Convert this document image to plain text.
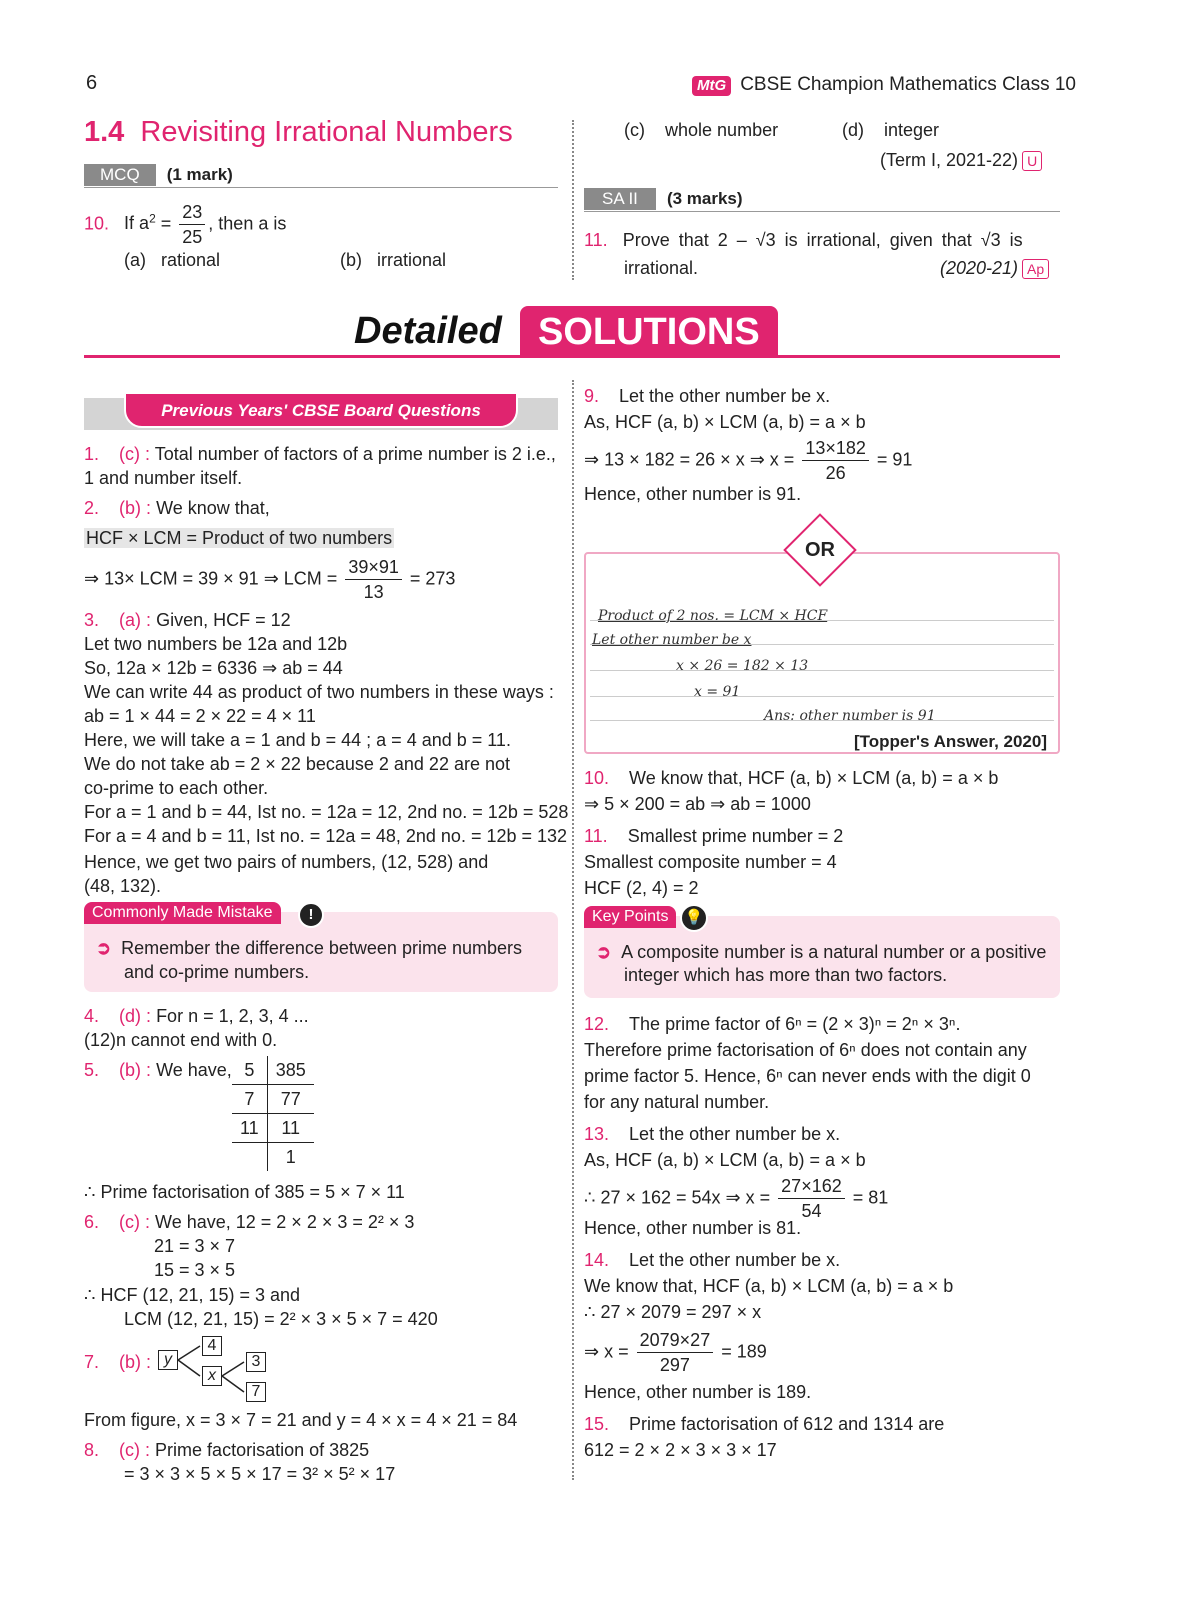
6	MtG CBSE Champion Mathematics Class 10
1.4 Revisiting Irrational Numbers
MCQ (1 mark)
10. If $a^2 = \frac{23}{25}$ , then a is
(a) rational	(b) irrational
(c) whole number	(d) integer
(Term I, 2021-22) U
SA II (3 marks)
11. Prove that 2 – √3 is irrational, given that √3 is
irrational.	(2020-21) Ap
Detailed SOLUTIONS
Previous Years' CBSE Board Questions
1. (c) : Total number of factors of a prime number is 2 i.e.,
1 and number itself.
2. (b) : We know that,
HCF × LCM = Product of two numbers
⇒ 13× LCM = 39 × 91 ⇒ LCM = $\frac{39\times 91}{13} = 273$
3. (a) : Given, HCF = 12
Let two numbers be 12a and 12b
So, 12a × 12b = 6336 ⇒ ab = 44
We can write 44 as product of two numbers in these ways :
ab = 1 × 44 = 2 × 22 = 4 × 11
Here, we will take a = 1 and b = 44 ; a = 4 and b = 11.
We do not take ab = 2 × 22 because 2 and 22 are not
co-prime to each other.
For a = 1 and b = 44, Ist no. = 12a = 12, 2nd no. = 12b = 528
For a = 4 and b = 11, Ist no. = 12a = 48, 2nd no. = 12b = 132
Hence, we get two pairs of numbers, (12, 528) and
(48, 132).
Commonly Made Mistake	!
➲ Remember the difference between prime numbers
and co-prime numbers.
4. (d) : For n = 1, 2, 3, 4 ...
(12)n cannot end with 0.
5. (b) : We have, 5	385
7	77
11	11
	1
∴ Prime factorisation of 385 = 5 × 7 × 11
6. (c) : We have, 12 = 2 × 2 × 3 = 2² × 3
21 = 3 × 7
15 = 3 × 5
∴ HCF (12, 21, 15) = 3 and
LCM (12, 21, 15) = 2² × 3 × 5 × 7 = 420
7. (b) : y
4
x
3
7
From figure, x = 3 × 7 = 21 and y = 4 × x = 4 × 21 = 84
8. (c) : Prime factorisation of 3825
= 3 × 3 × 5 × 5 × 17 = 3² × 5² × 17
9. Let the other number be x.
As, HCF (a, b) × LCM (a, b) = a × b
⇒ 13 × 182 = 26 × x ⇒ $x = \frac{13\times 182}{26} = 91$
Hence, other number is 91.
OR
Product of 2 nos. = LCM × HCF
Let other number be x
x × 26 = 182 × 13
x = 91
Ans: other number is 91
[Topper's Answer, 2020]
10. We know that, HCF (a, b) × LCM (a, b) = a × b
⇒ 5 × 200 = ab ⇒ ab = 1000
11. Smallest prime number = 2
Smallest composite number = 4
HCF (2, 4) = 2
Key Points	💡
➲ A composite number is a natural number or a positive
integer which has more than two factors.
12. The prime factor of 6ⁿ = (2 × 3)ⁿ = 2ⁿ × 3ⁿ.
Therefore prime factorisation of 6ⁿ does not contain any
prime factor 5. Hence, 6ⁿ can never ends with the digit 0
for any natural number.
13. Let the other number be x.
As, HCF (a, b) × LCM (a, b) = a × b
∴ 27 × 162 = 54x ⇒ $x = \frac{27\times 162}{54} = 81$
Hence, other number is 81.
14. Let the other number be x.
We know that, HCF (a, b) × LCM (a, b) = a × b
∴ 27 × 2079 = 297 × x
⇒ $x = \frac{2079\times 27}{297} = 189$
Hence, other number is 189.
15. Prime factorisation of 612 and 1314 are
612 = 2 × 2 × 3 × 3 × 17
